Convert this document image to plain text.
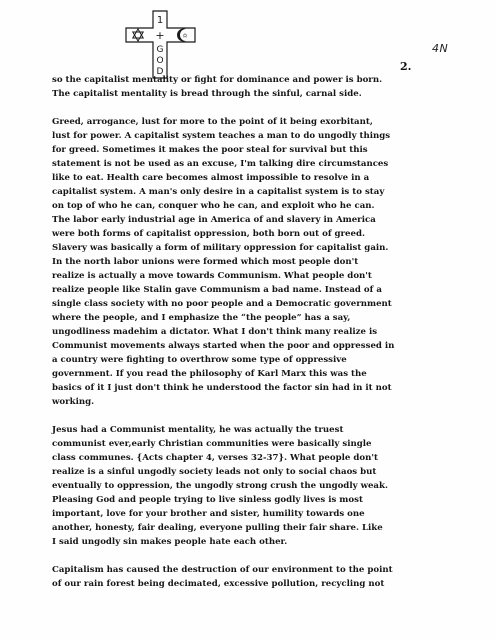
1
+
G
O
D
4N
2.

so the capitalist mentality or fight for dominance and power is born.
The capitalist mentality is bread through the sinful, carnal side.

Greed, arrogance, lust for more to the point of it being exorbitant,
lust for power. A capitalist system teaches a man to do ungodly things
for greed. Sometimes it makes the poor steal for survival but this
statement is not be used as an excuse, I'm talking dire circumstances
like to eat. Health care becomes almost impossible to resolve in a
capitalist system. A man's only desire in a capitalist system is to stay
on top of who he can, conquer who he can, and exploit who he can.
The labor early industrial age in America of and slavery in America
were both forms of capitalist oppression, both born out of greed.
Slavery was basically a form of military oppression for capitalist gain.
In the north labor unions were formed which most people don't
realize is actually a move towards Communism. What people don't
realize people like Stalin gave Communism a bad name. Instead of a
single class society with no poor people and a Democratic government
where the people, and I emphasize the “the people” has a say,
ungodliness madehim a dictator. What I don't think many realize is
Communist movements always started when the poor and oppressed in
a country were fighting to overthrow some type of oppressive
government. If you read the philosophy of Karl Marx this was the
basics of it I just don't think he understood the factor sin had in it not
working.

Jesus had a Communist mentality, he was actually the truest
communist ever,early Christian communities were basically single
class communes. {Acts chapter 4, verses 32-37}. What people don't
realize is a sinful ungodly society leads not only to social chaos but
eventually to oppression, the ungodly strong crush the ungodly weak.
Pleasing God and people trying to live sinless godly lives is most
important, love for your brother and sister, humility towards one
another, honesty, fair dealing, everyone pulling their fair share. Like
I said ungodly sin makes people hate each other.

Capitalism has caused the destruction of our environment to the point
of our rain forest being decimated, excessive pollution, recycling not
